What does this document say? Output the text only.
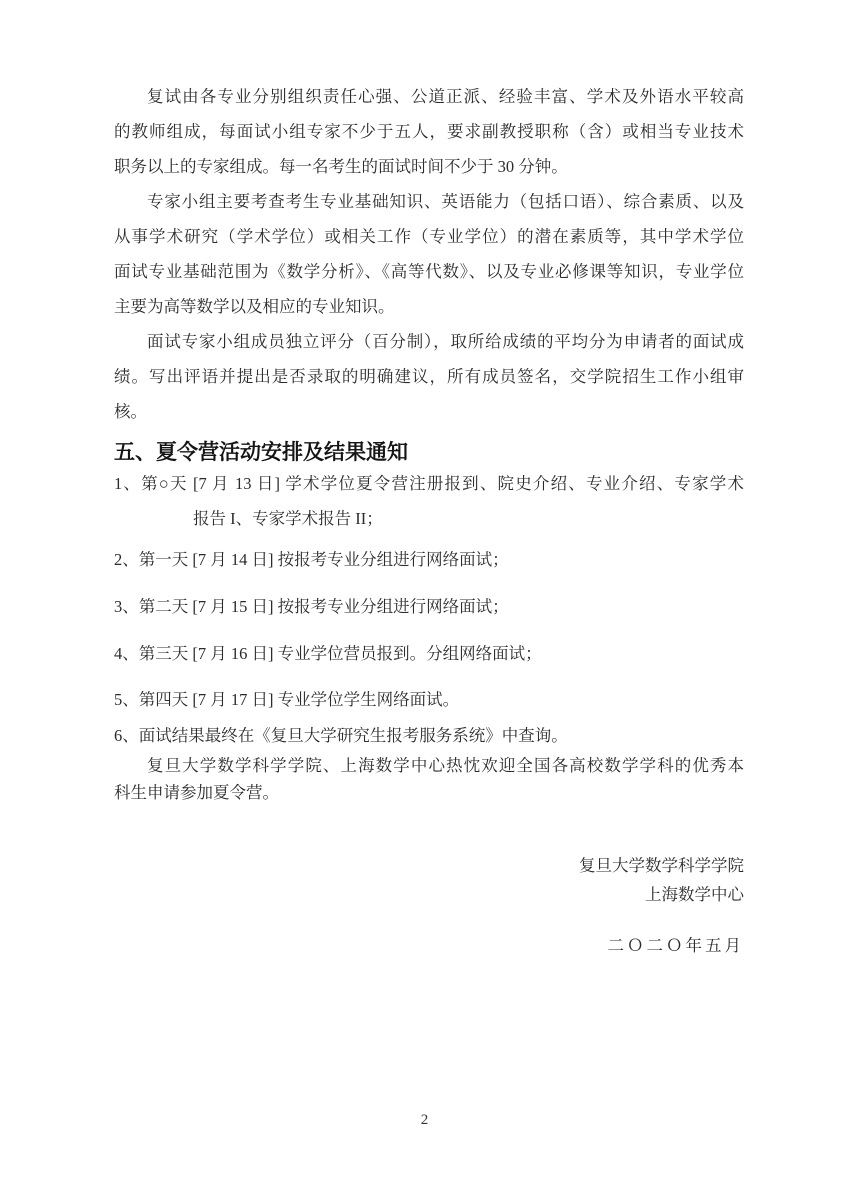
复试由各专业分别组织责任心强、公道正派、经验丰富、学术及外语水平较高
的教师组成，每面试小组专家不少于五人，要求副教授职称（含）或相当专业技术
职务以上的专家组成。每一名考生的面试时间不少于 30 分钟。
专家小组主要考查考生专业基础知识、英语能力（包括口语）、综合素质、以及
从事学术研究（学术学位）或相关工作（专业学位）的潜在素质等，其中学术学位
面试专业基础范围为《数学分析》、《高等代数》、以及专业必修课等知识，专业学位
主要为高等数学以及相应的专业知识。
面试专家小组成员独立评分（百分制），取所给成绩的平均分为申请者的面试成
绩。写出评语并提出是否录取的明确建议，所有成员签名，交学院招生工作小组审
核。
五、夏令营活动安排及结果通知
1、第○天 [7 月 13 日] 学术学位夏令营注册报到、院史介绍、专业介绍、专家学术
报告 I、专家学术报告 II；
2、第一天 [7 月 14 日] 按报考专业分组进行网络面试；
3、第二天 [7 月 15 日] 按报考专业分组进行网络面试；
4、第三天 [7 月 16 日] 专业学位营员报到。分组网络面试；
5、第四天 [7 月 17 日] 专业学位学生网络面试。
6、面试结果最终在《复旦大学研究生报考服务系统》中查询。
复旦大学数学科学学院、上海数学中心热忱欢迎全国各高校数学学科的优秀本
科生申请参加夏令营。
复旦大学数学科学学院
上海数学中心
二Ｏ二Ｏ年五月
2
